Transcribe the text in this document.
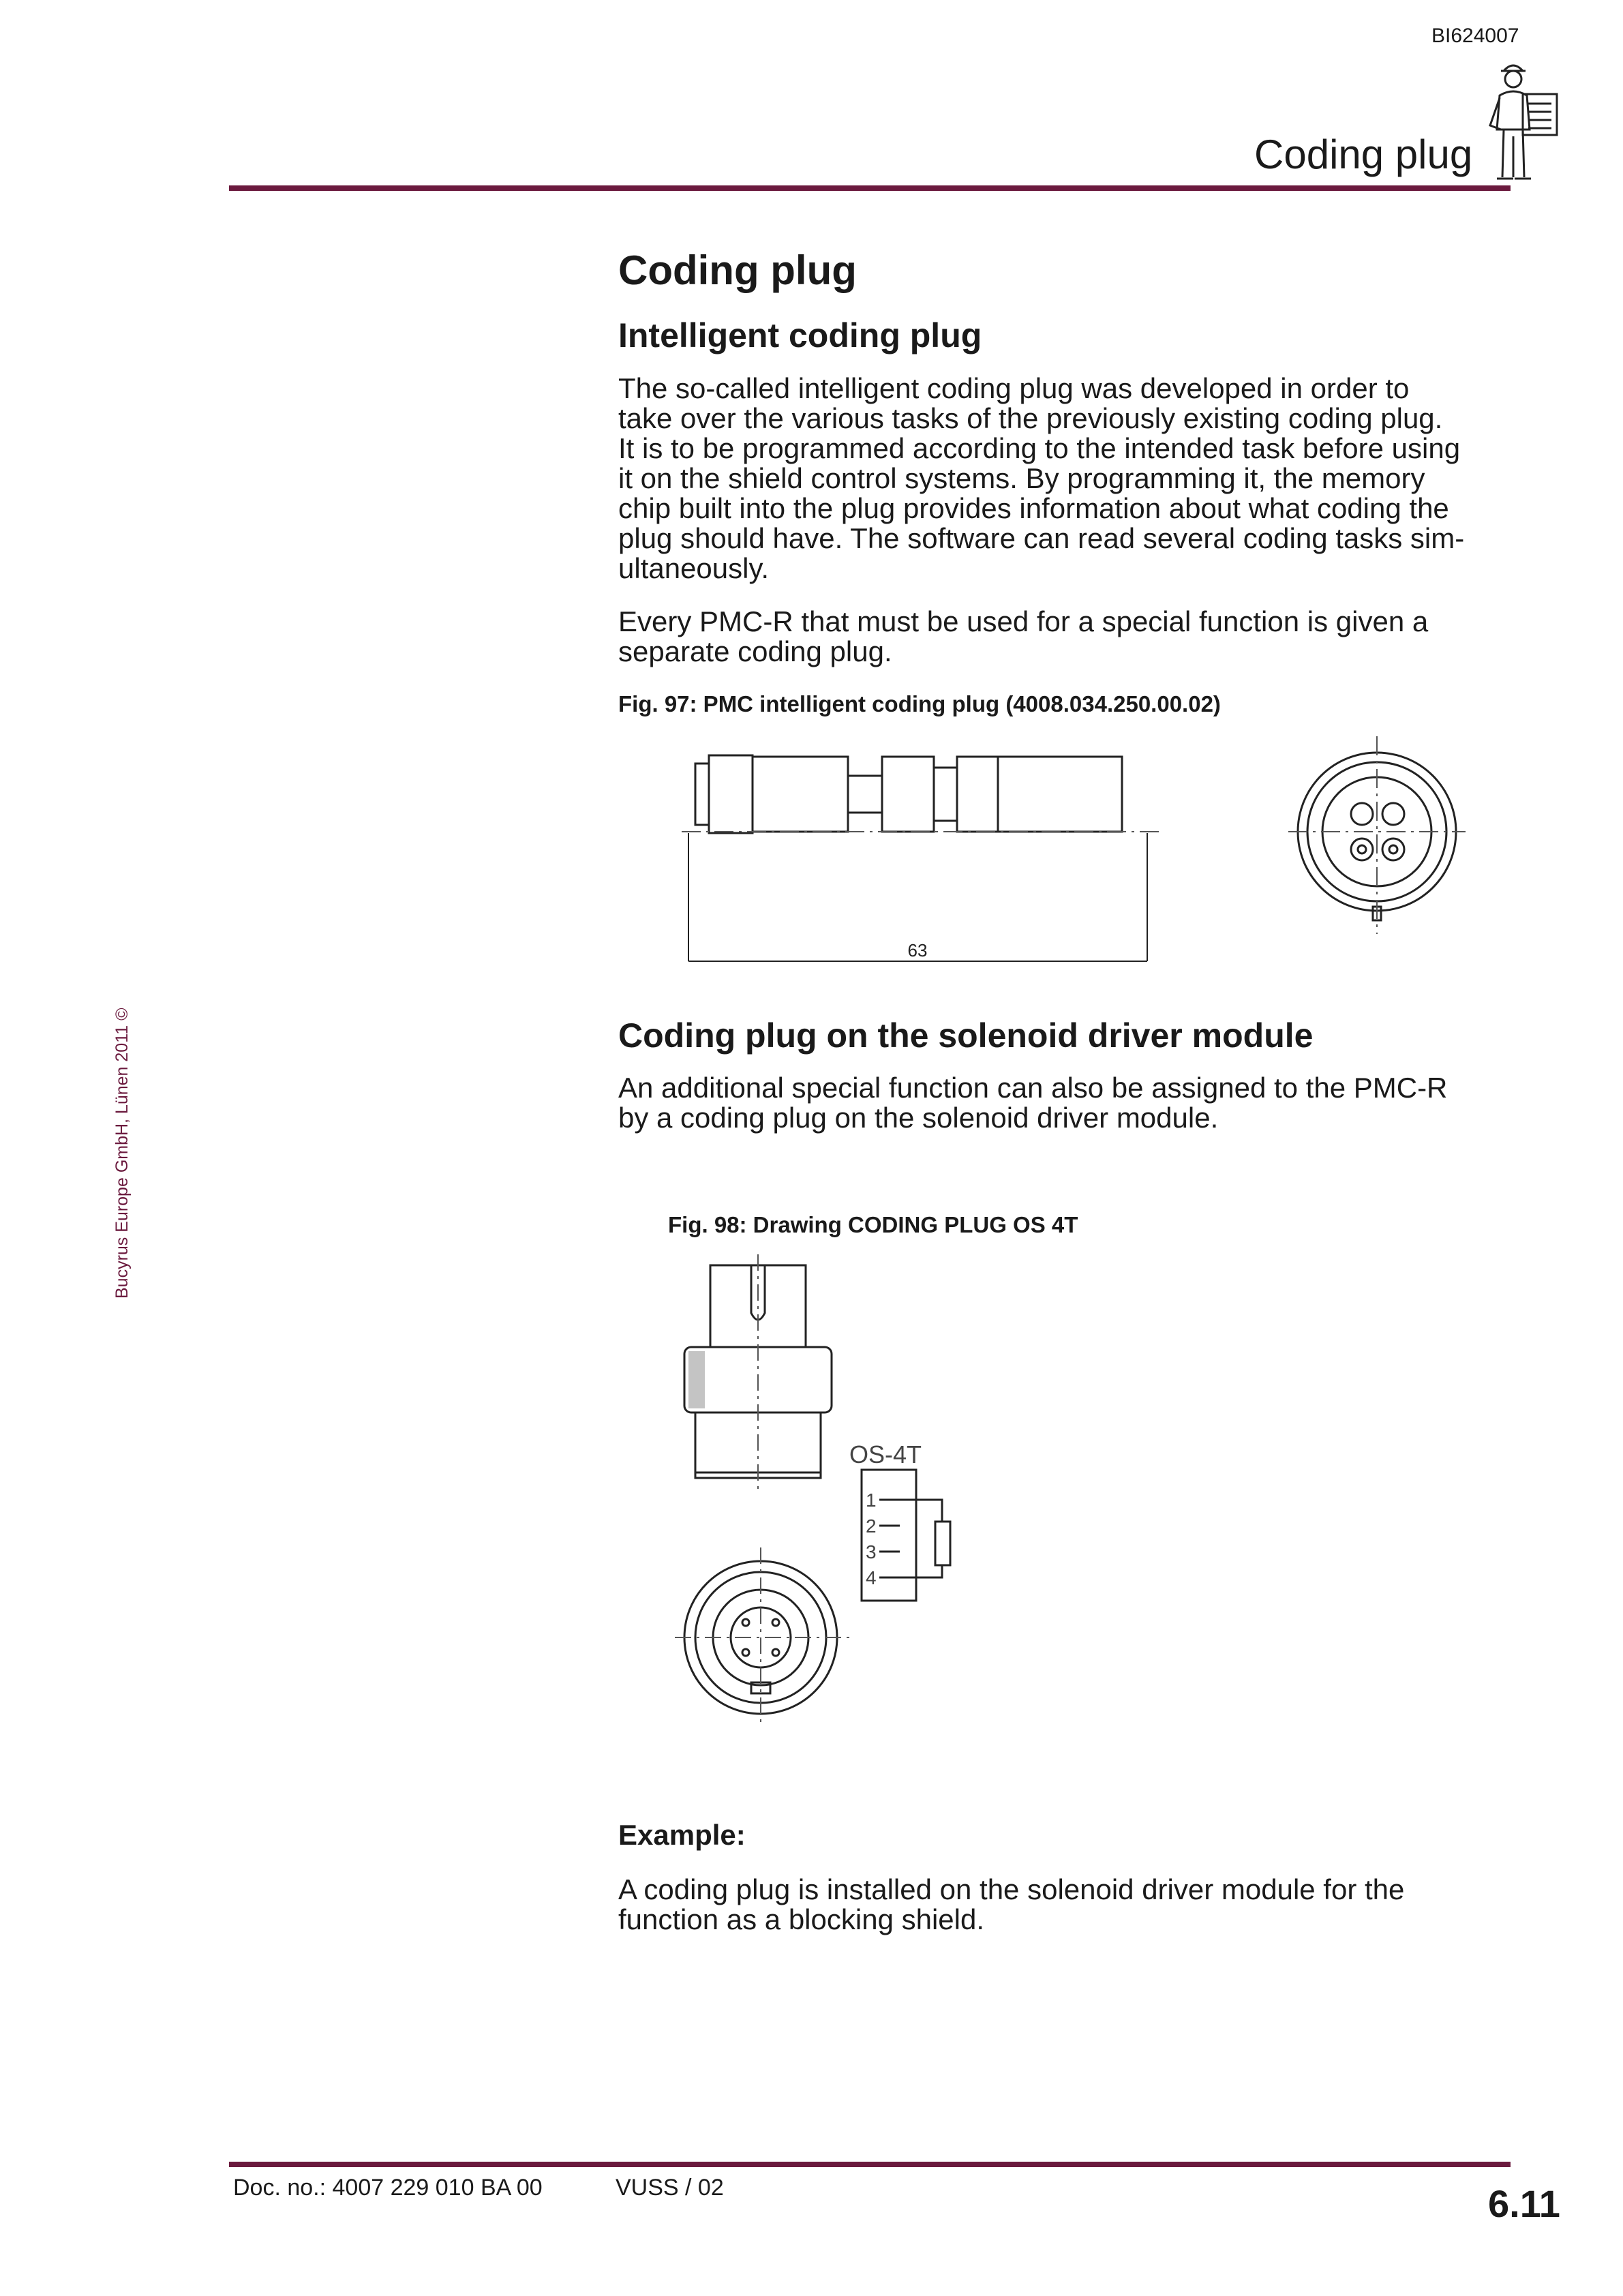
BI624007
Coding plug
Bucyrus Europe GmbH, Lünen 2011 ©
Coding plug
Intelligent coding plug

The so-called intelligent coding plug was developed in order to
take over the various tasks of the previously existing coding plug.
It is to be programmed according to the intended task before using
it on the shield control systems. By programming it, the memory
chip built into the plug provides information about what coding the
plug should have. The software can read several coding tasks sim-
ultaneously.

Every PMC-R that must be used for a special function is given a
separate coding plug.

Fig. 97: PMC intelligent coding plug (4008.034.250.00.02)

63
Coding plug on the solenoid driver module

An additional special function can also be assigned to the PMC-R
by a coding plug on the solenoid driver module.

Fig. 98: Drawing CODING PLUG OS 4T

OS-4T
1
2
3
4

Example:

A coding plug is installed on the solenoid driver module for the
function as a blocking shield.

Doc. no.: 4007 229 010 BA 00	VUSS / 02	6.11
